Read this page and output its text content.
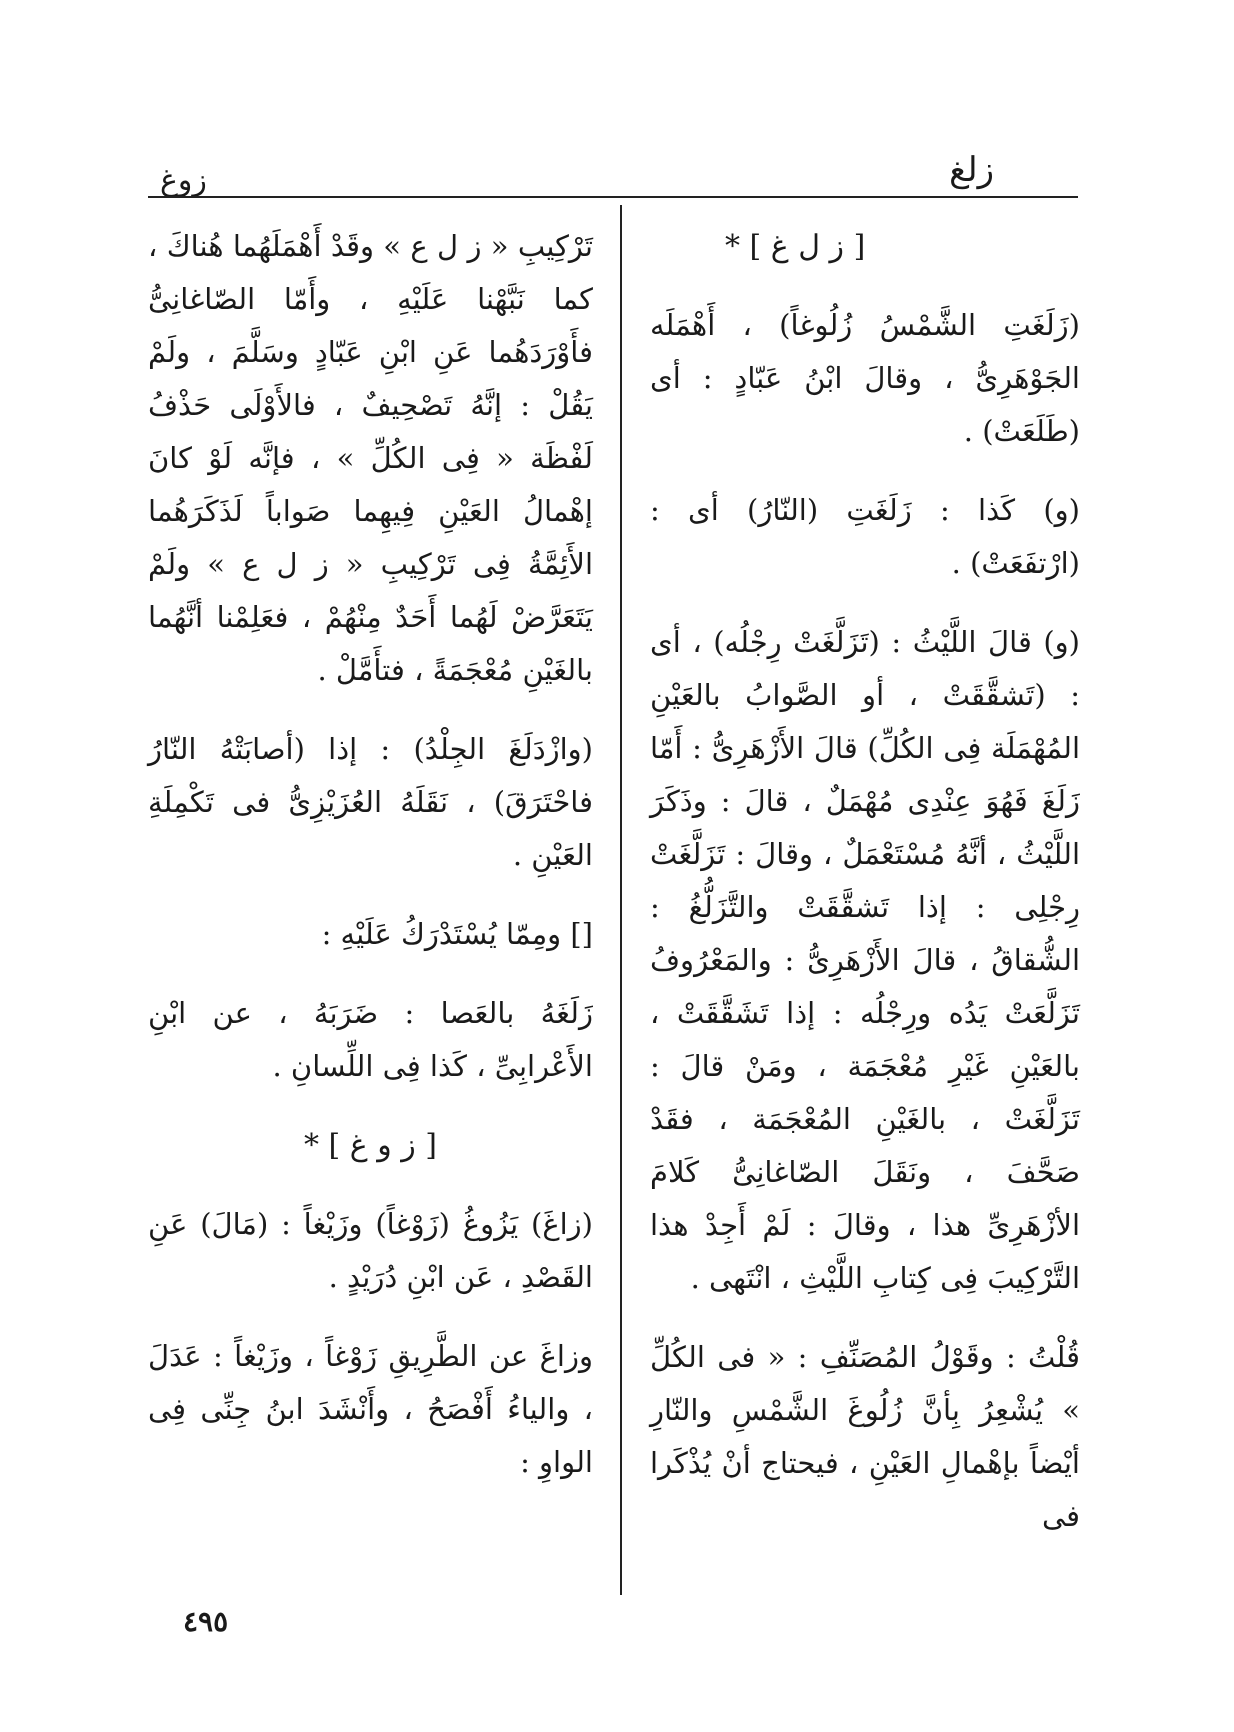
زلغ
زوغ
[ ز ل غ ] *

(زَلَغَتِ الشَّمْسُ زُلُوغاً) ، أَهْمَلَه الجَوْهَرِىُّ ، وقالَ ابْنُ عَبّادٍ : أى (طَلَعَتْ) .

(و) كَذا : زَلَغَتِ (النّارُ) أى : (ارْتفَعَتْ) .

(و) قالَ اللَّيْثُ : (تَزَلَّغَتْ رِجْلُه) ، أى : (تَشقَّقَتْ ، أو الصَّوابُ بالعَيْنِ المُهْمَلَة فِى الكُلِّ) قالَ الأَزْهَرِىُّ : أَمّا زَلَغَ فَهُوَ عِنْدِى مُهْمَلٌ ، قالَ : وذَكَرَ اللَّيْثُ ، أنَّهُ مُسْتَعْمَلٌ ، وقالَ : تَزَلَّغَتْ رِجْلِى : إذا تَشقَّقَتْ والتَّزَلُّغُ : الشُّقاقُ ، قالَ الأَزْهَرِىُّ : والمَعْرُوفُ تَزَلَّعَتْ يَدُه ورِجْلُه : إذا تَشَقَّقَتْ ، بالعَيْنِ غَيْرِ مُعْجَمَة ، ومَنْ قالَ : تَزَلَّغَتْ ، بالغَيْنِ المُعْجَمَة ، فقَدْ صَحَّفَ ، ونَقَلَ الصّاغانِىُّ كَلامَ الأزْهَرِىِّ هذا ، وقالَ : لَمْ أَجِدْ هذا التَّرْكِيبَ فِى كِتابِ اللَّيْثِ ، انْتَهى .

قُلْتُ : وقَوْلُ المُصَنِّفِ : « فى الكُلِّ » يُشْعِرُ بِأنَّ زُلُوغَ الشَّمْسِ والنّارِ أيْضاً بإهْمالِ العَيْنِ ، فيحتاج أنْ يُذْكَرا فى

تَرْكِيبِ « ز ل ع » وقَدْ أَهْمَلَهُما هُناكَ ، كما نَبَّهْنا عَلَيْهِ ، وأَمّا الصّاغانِىُّ فأَوْرَدَهُما عَنِ ابْنِ عَبّادٍ وسَلَّمَ ، ولَمْ يَقُلْ : إنَّهُ تَصْحِيفٌ ، فالأَوْلَى حَذْفُ لَفْظَة « فِى الكُلِّ » ، فإنَّه لَوْ كانَ إهْمالُ العَيْنِ فِيهِما صَواباً لَذَكَرَهُما الأَئِمَّةُ فِى تَرْكِيبِ « ز ل ع » ولَمْ يَتَعَرَّضْ لَهُما أَحَدٌ مِنْهُمْ ، فعَلِمْنا أنَّهُما بالغَيْنِ مُعْجَمَةً ، فتأَمَّلْ .

(وازْدَلَغَ الجِلْدُ) : إذا (أصابَتْهُ النّارُ فاحْتَرَقَ) ، نَقَلَهُ العُزَيْزِىُّ فى تَكْمِلَةِ العَيْنِ .

[] ومِمّا يُسْتَدْرَكُ عَلَيْهِ :

زَلَغَهُ بالعَصا : ضَرَبَهُ ، عن ابْنِ الأَعْرابِىِّ ، كَذا فِى اللِّسانِ .

[ ز و غ ] *

(زاغَ) يَزُوغُ (زَوْغاً) وزَيْغاً : (مَالَ) عَنِ القَصْدِ ، عَن ابْنِ دُرَيْدٍ .

وزاغَ عن الطَّرِيقِ زَوْغاً ، وزَيْغاً : عَدَلَ ، والياءُ أَفْصَحُ ، وأَنْشَدَ ابنُ جِنِّى فِى الواوِ :

٤٩٥
